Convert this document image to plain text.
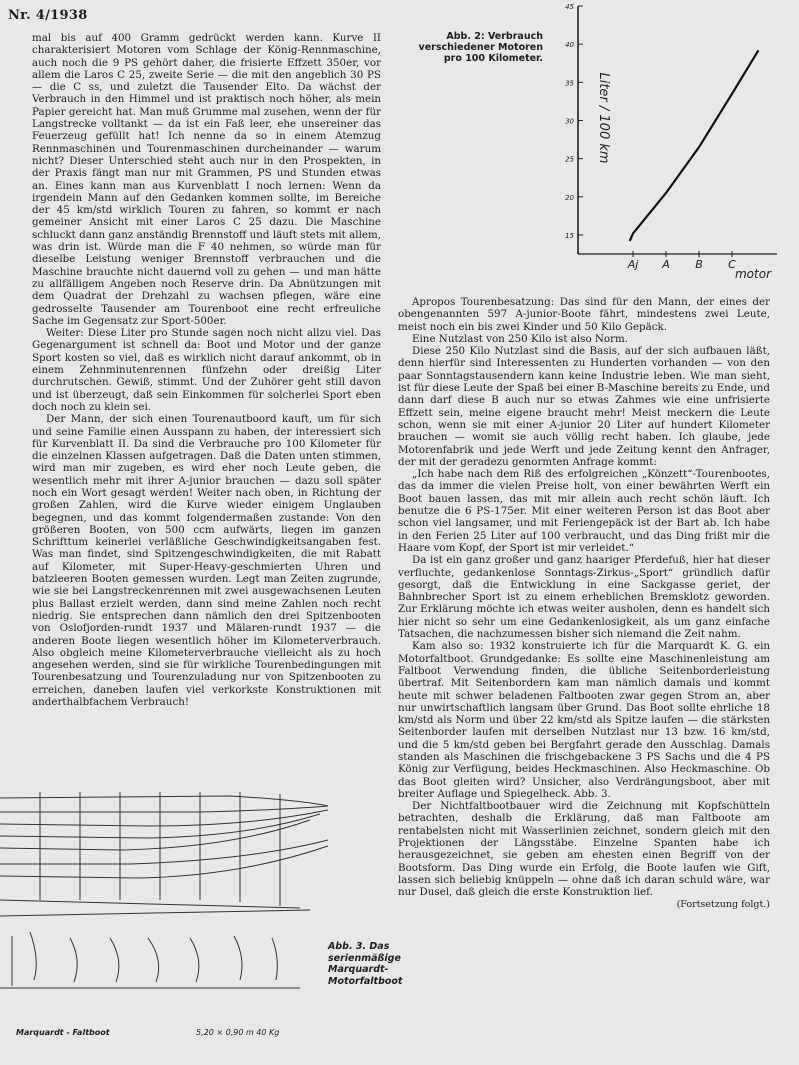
Nr. 4/1938

mal bis auf 400 Gramm gedrückt werden kann. Kurve II charakterisiert Motoren vom Schlage der König-Rennmaschine, auch noch die 9 PS gehört daher, die frisierte Effzett 350er, vor allem die Laros C 25, zweite Serie — die mit den angeblich 30 PS — die C ss, und zuletzt die Tausender Elto. Da wächst der Verbrauch in den Himmel und ist praktisch noch höher, als mein Papier gereicht hat. Man muß Grumme mal zusehen, wenn der für Langstrecke volltankt — da ist ein Faß leer, ehe unsereiner das Feuerzeug gefüllt hat! Ich nenne da so in einem Atemzug Rennmaschinen und Tourenmaschinen durcheinander — warum nicht? Dieser Unterschied steht auch nur in den Prospekten, in der Praxis fängt man nur mit Grammen, PS und Stunden etwas an. Eines kann man aus Kurvenblatt I noch lernen: Wenn da irgendein Mann auf den Gedanken kommen sollte, im Bereiche der 45 km/std wirklich Touren zu fahren, so kommt er nach gemeiner Ansicht mit einer Laros C 25 dazu. Die Maschine schluckt dann ganz anständig Brennstoff und läuft stets mit allem, was drin ist. Würde man die F 40 nehmen, so würde man für dieselbe Leistung weniger Brennstoff verbrauchen und die Maschine brauchte nicht dauernd voll zu gehen — und man hätte zu allfälligem Angeben noch Reserve drin. Da Abnützungen mit dem Quadrat der Drehzahl zu wachsen pflegen, wäre eine gedrosselte Tausender am Tourenboot eine recht erfreuliche Sache im Gegensatz zur Sport-500er.

Weiter: Diese Liter pro Stunde sagen noch nicht allzu viel. Das Gegenargument ist schnell da: Boot und Motor und der ganze Sport kosten so viel, daß es wirklich nicht darauf ankommt, ob in einem Zehnminutenrennen fünfzehn oder dreißig Liter durchrutschen. Gewiß, stimmt. Und der Zuhörer geht still davon und ist überzeugt, daß sein Einkommen für solcherlei Sport eben doch noch zu klein sei.

Der Mann, der sich einen Tourenautboord kauft, um für sich und seine Familie einen Ausspann zu haben, der interessiert sich für Kurvenblatt II. Da sind die Verbrauche pro 100 Kilometer für die einzelnen Klassen aufgetragen. Daß die Daten unten stimmen, wird man mir zugeben, es wird eher noch Leute geben, die wesentlich mehr mit ihrer A-junior brauchen — dazu soll später noch ein Wort gesagt werden! Weiter nach oben, in Richtung der großen Zahlen, wird die Kurve wieder einigem Unglauben begegnen, und das kommt folgendermaßen zustande: Von den größeren Booten, von 500 ccm aufwärts, liegen im ganzen Schrifttum keinerlei verläßliche Geschwindigkeitsangaben fest. Was man findet, sind Spitzengeschwindigkeiten, die mit Rabatt auf Kilometer, mit Super-Heavy-geschmierten Uhren und batzleeren Booten gemessen wurden. Legt man Zeiten zugrunde, wie sie bei Langstreckenrennen mit zwei ausgewachsenen Leuten plus Ballast erzielt werden, dann sind meine Zahlen noch recht niedrig. Sie entsprechen dann nämlich den drei Spitzenbooten von Oslofjorden-rundt 1937 und Mälaren-rundt 1937 — die anderen Boote liegen wesentlich höher im Kilometerverbrauch. Also obgleich meine Kilometerverbrauche vielleicht als zu hoch angesehen werden, sind sie für wirkliche Tourenbedingungen mit Tourenbesatzung und Tourenzuladung nur von Spitzenbooten zu erreichen, daneben laufen viel verkorkste Konstruktionen mit anderthalbfachem Verbrauch!

Abb. 2: Verbrauch verschiedener Motoren pro 100 Kilometer.
15
20
25
30
35
40
45
Aj A B C
Liter / 100 km
motor

Apropos Tourenbesatzung: Das sind für den Mann, der eines der obengenannten 597 A-junior-Boote fährt, mindestens zwei Leute, meist noch ein bis zwei Kinder und 50 Kilo Gepäck.

Eine Nutzlast von 250 Kilo ist also Norm.

Diese 250 Kilo Nutzlast sind die Basis, auf der sich aufbauen läßt, denn hierfür sind Interessenten zu Hunderten vorhanden — von den paar Sonntagstausendern kann keine Industrie leben. Wie man sieht, ist für diese Leute der Spaß bei einer B-Maschine bereits zu Ende, und dann darf diese B auch nur so etwas Zahmes wie eine unfrisierte Effzett sein, meine eigene braucht mehr! Meist meckern die Leute schon, wenn sie mit einer A-junior 20 Liter auf hundert Kilometer brauchen — womit sie auch völlig recht haben. Ich glaube, jede Motorenfabrik und jede Werft und jede Zeitung kennt den Anfrager, der mit der geradezu genormten Anfrage kommt:

„Ich habe nach dem Riß des erfolgreichen „Könzett“-Tourenbootes, das da immer die vielen Preise holt, von einer bewährten Werft ein Boot bauen lassen, das mit mir allein auch recht schön läuft. Ich benutze die 6 PS-175er. Mit einer weiteren Person ist das Boot aber schon viel langsamer, und mit Feriengepäck ist der Bart ab. Ich habe in den Ferien 25 Liter auf 100 verbraucht, und das Ding frißt mir die Haare vom Kopf, der Sport ist mir verleidet.“

Da ist ein ganz großer und ganz haariger Pferdefuß, hier hat dieser verfluchte, gedankenlose Sonntags-Zirkus-„Sport“ gründlich dafür gesorgt, daß die Entwicklung in eine Sackgasse geriet, der Bahnbrecher Sport ist zu einem erheblichen Bremsklotz geworden. Zur Erklärung möchte ich etwas weiter ausholen, denn es handelt sich hier nicht so sehr um eine Gedankenlosigkeit, als um ganz einfache Tatsachen, die nachzumessen bisher sich niemand die Zeit nahm.

Kam also so: 1932 konstruierte ich für die Marquardt K. G. ein Motorfaltboot. Grundgedanke: Es sollte eine Maschinenleistung am Faltboot Verwendung finden, die übliche Seitenborderleistung übertraf. Mit Seitenbordern kam man nämlich damals und kommt heute mit schwer beladenen Faltbooten zwar gegen Strom an, aber nur unwirtschaftlich langsam über Grund. Das Boot sollte ehrliche 18 km/std als Norm und über 22 km/std als Spitze laufen — die stärksten Seitenborder laufen mit derselben Nutzlast nur 13 bzw. 16 km/std, und die 5 km/std geben bei Bergfahrt gerade den Ausschlag. Damals standen als Maschinen die frischgebackene 3 PS Sachs und die 4 PS König zur Verfügung, beides Heckmaschinen. Also Heckmaschine. Ob das Boot gleiten wird? Unsicher, also Verdrängungsboot, aber mit breiter Auflage und Spiegelheck. Abb. 3.

Der Nichtfaltbootbauer wird die Zeichnung mit Kopfschütteln betrachten, deshalb die Erklärung, daß man Faltboote am rentabelsten nicht mit Wasserlinien zeichnet, sondern gleich mit den Projektionen der Längsstäbe. Einzelne Spanten habe ich herausgezeichnet, sie geben am ehesten einen Begriff von der Bootsform. Das Ding wurde ein Erfolg, die Boote laufen wie Gift, lassen sich beliebig knüppeln — ohne daß ich daran schuld wäre, war nur Dusel, daß gleich die erste Konstruktion lief.

(Fortsetzung folgt.)
Abb. 3. Das serienmäßige Marquardt-Motorfaltboot
Marquardt - Faltboot	5,20 × 0,90 m 40 Kg
